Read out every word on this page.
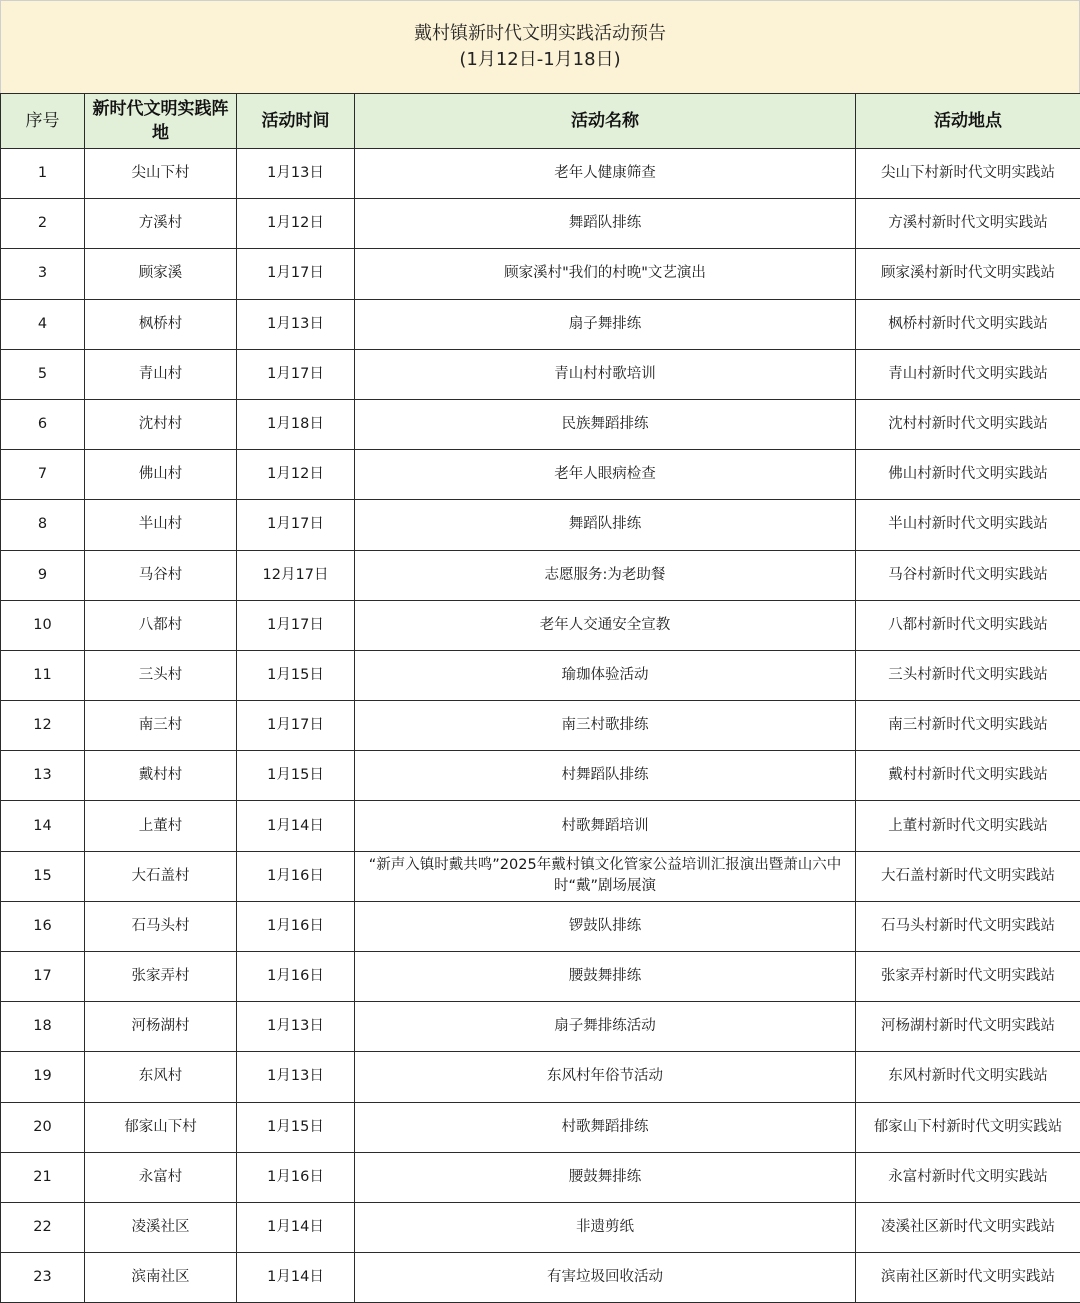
戴村镇新时代文明实践活动预告
(1月12日-1月18日)
序号	新时代文明实践阵地	活动时间	活动名称	活动地点
1	尖山下村	1月13日	老年人健康筛查	尖山下村新时代文明实践站
2	方溪村	1月12日	舞蹈队排练	方溪村新时代文明实践站
3	顾家溪	1月17日	顾家溪村"我们的村晚"文艺演出	顾家溪村新时代文明实践站
4	枫桥村	1月13日	扇子舞排练	枫桥村新时代文明实践站
5	青山村	1月17日	青山村村歌培训	青山村新时代文明实践站
6	沈村村	1月18日	民族舞蹈排练	沈村村新时代文明实践站
7	佛山村	1月12日	老年人眼病检查	佛山村新时代文明实践站
8	半山村	1月17日	舞蹈队排练	半山村新时代文明实践站
9	马谷村	12月17日	志愿服务:为老助餐	马谷村新时代文明实践站
10	八都村	1月17日	老年人交通安全宣教	八都村新时代文明实践站
11	三头村	1月15日	瑜珈体验活动	三头村新时代文明实践站
12	南三村	1月17日	南三村歌排练	南三村新时代文明实践站
13	戴村村	1月15日	村舞蹈队排练	戴村村新时代文明实践站
14	上董村	1月14日	村歌舞蹈培训	上董村新时代文明实践站
15	大石盖村	1月16日	“新声入镇时戴共鸣”2025年戴村镇文化管家公益培训汇报演出暨萧山六中时“戴”剧场展演	大石盖村新时代文明实践站
16	石马头村	1月16日	锣鼓队排练	石马头村新时代文明实践站
17	张家弄村	1月16日	腰鼓舞排练	张家弄村新时代文明实践站
18	河杨湖村	1月13日	扇子舞排练活动	河杨湖村新时代文明实践站
19	东风村	1月13日	东风村年俗节活动	东风村新时代文明实践站
20	郁家山下村	1月15日	村歌舞蹈排练	郁家山下村新时代文明实践站
21	永富村	1月16日	腰鼓舞排练	永富村新时代文明实践站
22	凌溪社区	1月14日	非遗剪纸	凌溪社区新时代文明实践站
23	滨南社区	1月14日	有害垃圾回收活动	滨南社区新时代文明实践站
